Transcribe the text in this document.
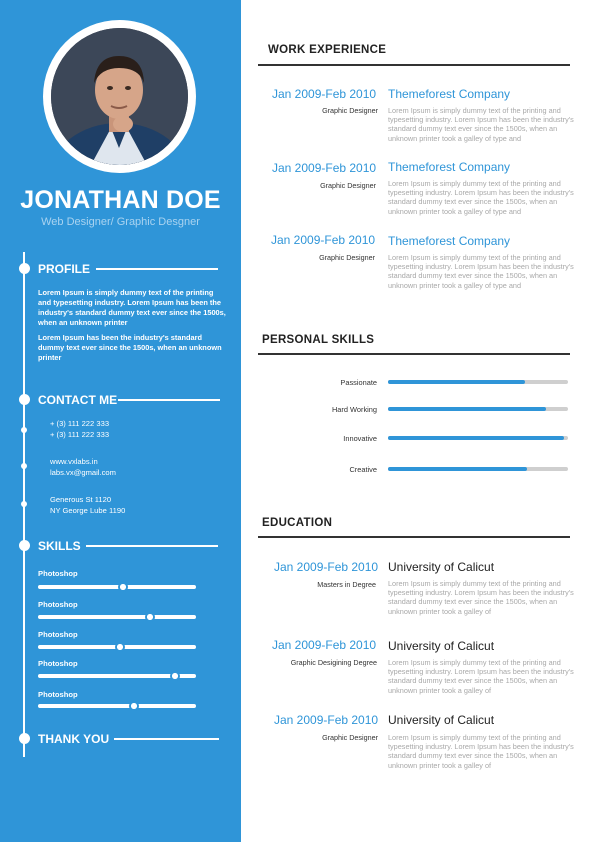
JONATHAN DOE
Web Designer/ Graphic Desgner
PROFILE
Lorem Ipsum is simply dummy text of the printing and typesetting industry. Lorem Ipsum has been the industry's standard dummy text ever since the 1500s, when an unknown printer
Lorem Ipsum has been the industry's standard dummy text ever since the 1500s, when an unknown printer
CONTACT ME
+ (3) 111 222 333
+ (3) 111 222 333
www.vxlabs.in
labs.vx@gmail.com
Generous St 1120
NY George Lube 1190
SKILLS
Photoshop
Photoshop
Photoshop
Photoshop
Photoshop
THANK YOU
WORK EXPERIENCE
Jan 2009-Feb 2010 Themeforest Company
Graphic Designer Lorem Ipsum is simply dummy text of the printing and typesetting industry. Lorem Ipsum has been the industry's standard dummy text ever since the 1500s, when an unknown printer took a galley of type and
Jan 2009-Feb 2010 Themeforest Company
Graphic Designer Lorem Ipsum is simply dummy text of the printing and typesetting industry. Lorem Ipsum has been the industry's standard dummy text ever since the 1500s, when an unknown printer took a galley of type and
Jan 2009-Feb 2010 Themeforest Company
Graphic Designer Lorem Ipsum is simply dummy text of the printing and typesetting industry. Lorem Ipsum has been the industry's standard dummy text ever since the 1500s, when an unknown printer took a galley of type and
PERSONAL SKILLS
Passionate
Hard Working
Innovative
Creative
EDUCATION
Jan 2009-Feb 2010 University of Calicut
Masters in Degree Lorem Ipsum is simply dummy text of the printing and typesetting industry. Lorem Ipsum has been the industry's standard dummy text ever since the 1500s, when an unknown printer took a galley of
Jan 2009-Feb 2010 University of Calicut
Graphic Desigining Degree Lorem Ipsum is simply dummy text of the printing and typesetting industry. Lorem Ipsum has been the industry's standard dummy text ever since the 1500s, when an unknown printer took a galley of
Jan 2009-Feb 2010 University of Calicut
Graphic Designer Lorem Ipsum is simply dummy text of the printing and typesetting industry. Lorem Ipsum has been the industry's standard dummy text ever since the 1500s, when an unknown printer took a galley of
